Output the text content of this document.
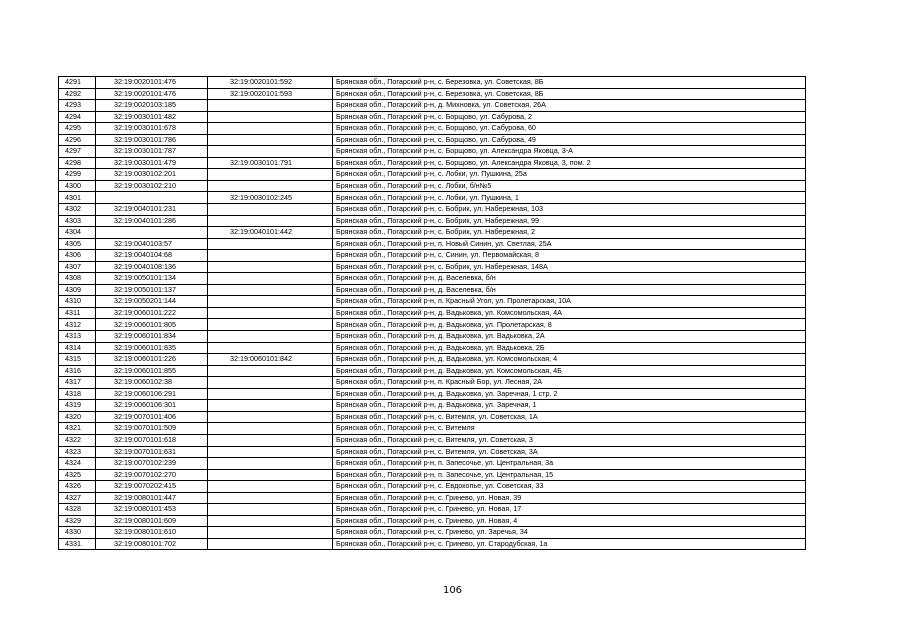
4291	32:19:0020101:476	32:19:0020101:592	Брянская обл., Погарский р-н, с. Березовка, ул. Советская, 8Б
4292	32:19:0020101:476	32:19:0020101:593	Брянская обл., Погарский р-н, с. Березовка, ул. Советская, 8Б
4293	32:19:0020103:185		Брянская обл., Погарский р-н, д. Михновка, ул. Советская, 26А
4294	32:19:0030101:482		Брянская обл., Погарский р-н, с. Борщово, ул. Сабурова, 2
4295	32:19:0030101:678		Брянская обл., Погарский р-н, с. Борщово, ул. Сабурова, 60
4296	32:19:0030101:786		Брянская обл., Погарский р-н, с. Борщово, ул. Сабурова, 49
4297	32:19:0030101:787		Брянская обл., Погарский р-н, с. Борщово, ул. Александра Яковца, 3-А
4298	32:19:0030101:479	32:19:0030101:791	Брянская обл., Погарский р-н, с. Борщово, ул. Александра Яковца, 3, пом. 2
4299	32:19:0030102:201		Брянская обл., Погарский р-н, с. Лобки, ул. Пушкина, 25а
4300	32:19:0030102:210		Брянская обл., Погарский р-н, с. Лобки, б/н№5
4301		32:19:0030102:245	Брянская обл., Погарский р-н, с. Лобки, ул. Пушкина, 1
4302	32:19:0040101:231		Брянская обл., Погарский р-н, с. Бобрик, ул. Набережная, 103
4303	32:19:0040101:286		Брянская обл., Погарский р-н, с. Бобрик, ул. Набережная, 99
4304		32:19:0040101:442	Брянская обл., Погарский р-н, с. Бобрик, ул. Набережная, 2
4305	32:19:0040103:57		Брянская обл., Погарский р-н, п. Новый Синин, ул. Светлая, 25А
4306	32:19:0040104:68		Брянская обл., Погарский р-н, с. Синин, ул. Первомайская, 8
4307	32:19:0040108:136		Брянская обл., Погарский р-н, с. Бобрик, ул. Набережная, 148А
4308	32:19:0050101:134		Брянская обл., Погарский р-н, д. Васелевка, б/н
4309	32:19:0050101:137		Брянская обл., Погарский р-н, д. Васелевка, б/н
4310	32:19:0050201:144		Брянская обл., Погарский р-н, п. Красный Угол, ул. Пролетарская, 10А
4311	32:19:0060101:222		Брянская обл., Погарский р-н, д. Вадьковка, ул. Комсомольская, 4А
4312	32:19:0060101:805		Брянская обл., Погарский р-н, д. Вадьковка, ул. Пролетарская, 8
4313	32:19:0060101:834		Брянская обл., Погарский р-н, д. Вадьковка, ул. Вадьковка, 2А
4314	32:19:0060101:835		Брянская обл., Погарский р-н, д. Вадьковка, ул. Вадьковка, 2Б
4315	32:19:0060101:226	32:19:0060101:842	Брянская обл., Погарский р-н, д. Вадьковка, ул. Комсомольская, 4
4316	32:19:0060101:855		Брянская обл., Погарский р-н, д. Вадьковка, ул. Комсомольская, 4Б
4317	32:19:0060102:38		Брянская обл., Погарский р-н, п. Красный Бор, ул. Лесная, 2А
4318	32:19:0060106:291		Брянская обл., Погарский р-н, д. Вадьковка, ул. Заречная, 1 стр. 2
4319	32:19:0060106:301		Брянская обл., Погарский р-н, д. Вадьковка, ул. Заречная, 1
4320	32:19:0070101:406		Брянская обл., Погарский р-н, с. Витемля, ул. Советская, 1А
4321	32:19:0070101:509		Брянская обл., Погарский р-н, с. Витемля
4322	32:19:0070101:618		Брянская обл., Погарский р-н, с. Витемля, ул. Советская, 3
4323	32:19:0070101:631		Брянская обл., Погарский р-н, с. Витемля, ул. Советская, 3А
4324	32:19:0070102:239		Брянская обл., Погарский р-н, п. Запесочье, ул. Центральная, 3а
4325	32:19:0070102:270		Брянская обл., Погарский р-н, п. Запесочье, ул. Центральная, 15
4326	32:19:0070202:415		Брянская обл., Погарский р-н, с. Евдокопье, ул. Советская, 33
4327	32:19:0080101:447		Брянская обл., Погарский р-н, с. Гринево, ул. Новая, 39
4328	32:19:0080101:453		Брянская обл., Погарский р-н, с. Гринево, ул. Новая, 17
4329	32:19:0080101:609		Брянская обл., Погарский р-н, с. Гринево, ул. Новая, 4
4330	32:19:0080101:610		Брянская обл., Погарский р-н, с. Гринево, ул. Заречья, 34
4331	32:19:0080101:702		Брянская обл., Погарский р-н, с. Гринево, ул. Стародубская, 1а
106
